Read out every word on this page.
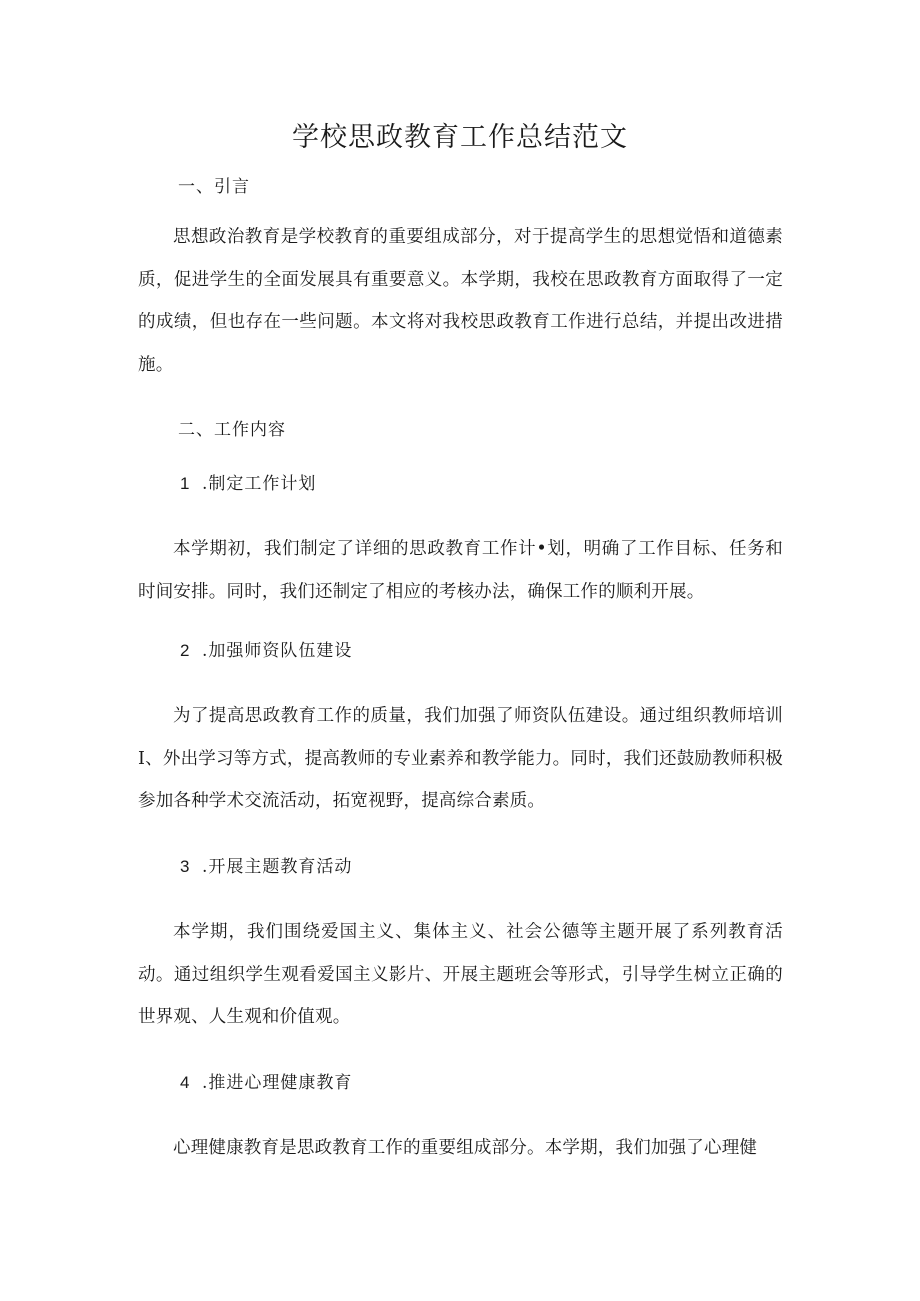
学校思政教育工作总结范文
一、引言
思想政治教育是学校教育的重要组成部分，对于提高学生的思想觉悟和道德素质，促进学生的全面发展具有重要意义。本学期，我校在思政教育方面取得了一定的成绩，但也存在一些问题。本文将对我校思政教育工作进行总结，并提出改进措施。
二、工作内容
1 .制定工作计划
本学期初，我们制定了详细的思政教育工作计•划，明确了工作目标、任务和时间安排。同时，我们还制定了相应的考核办法，确保工作的顺利开展。
2 .加强师资队伍建设
为了提高思政教育工作的质量，我们加强了师资队伍建设。通过组织教师培训I、外出学习等方式，提高教师的专业素养和教学能力。同时，我们还鼓励教师积极参加各种学术交流活动，拓宽视野，提高综合素质。
3 .开展主题教育活动
本学期，我们围绕爱国主义、集体主义、社会公德等主题开展了系列教育活动。通过组织学生观看爱国主义影片、开展主题班会等形式，引导学生树立正确的世界观、人生观和价值观。
4 .推进心理健康教育
心理健康教育是思政教育工作的重要组成部分。本学期，我们加强了心理健
